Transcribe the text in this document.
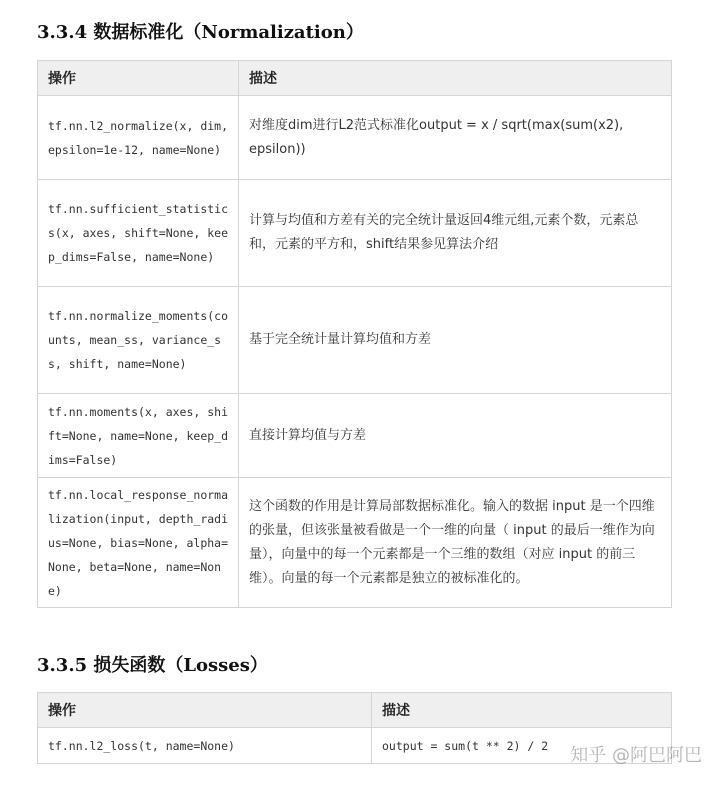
3.3.4 数据标准化（Normalization）
操作	描述
tf.nn.l2_normalize(x, dim, epsilon=1e-12, name=None)	对维度dim进行L2范式标准化output = x / sqrt(max(sum(x2), epsilon))
tf.nn.sufficient_statistics(x, axes, shift=None, keep_dims=False, name=None)	计算与均值和方差有关的完全统计量返回4维元组,元素个数，元素总和，元素的平方和，shift结果参见算法介绍
tf.nn.normalize_moments(counts, mean_ss, variance_ss, shift, name=None)	基于完全统计量计算均值和方差
tf.nn.moments(x, axes, shift=None, name=None, keep_dims=False)	直接计算均值与方差
tf.nn.local_response_normalization(input, depth_radius=None, bias=None, alpha=None, beta=None, name=None)	这个函数的作用是计算局部数据标准化。输入的数据 input 是一个四维的张量，但该张量被看做是一个一维的向量（ input 的最后一维作为向量），向量中的每一个元素都是一个三维的数组（对应 input 的前三维）。向量的每一个元素都是独立的被标准化的。
3.3.5 损失函数（Losses）
操作	描述
tf.nn.l2_loss(t, name=None)	output = sum(t ** 2) / 2 知乎 @阿巴阿巴
